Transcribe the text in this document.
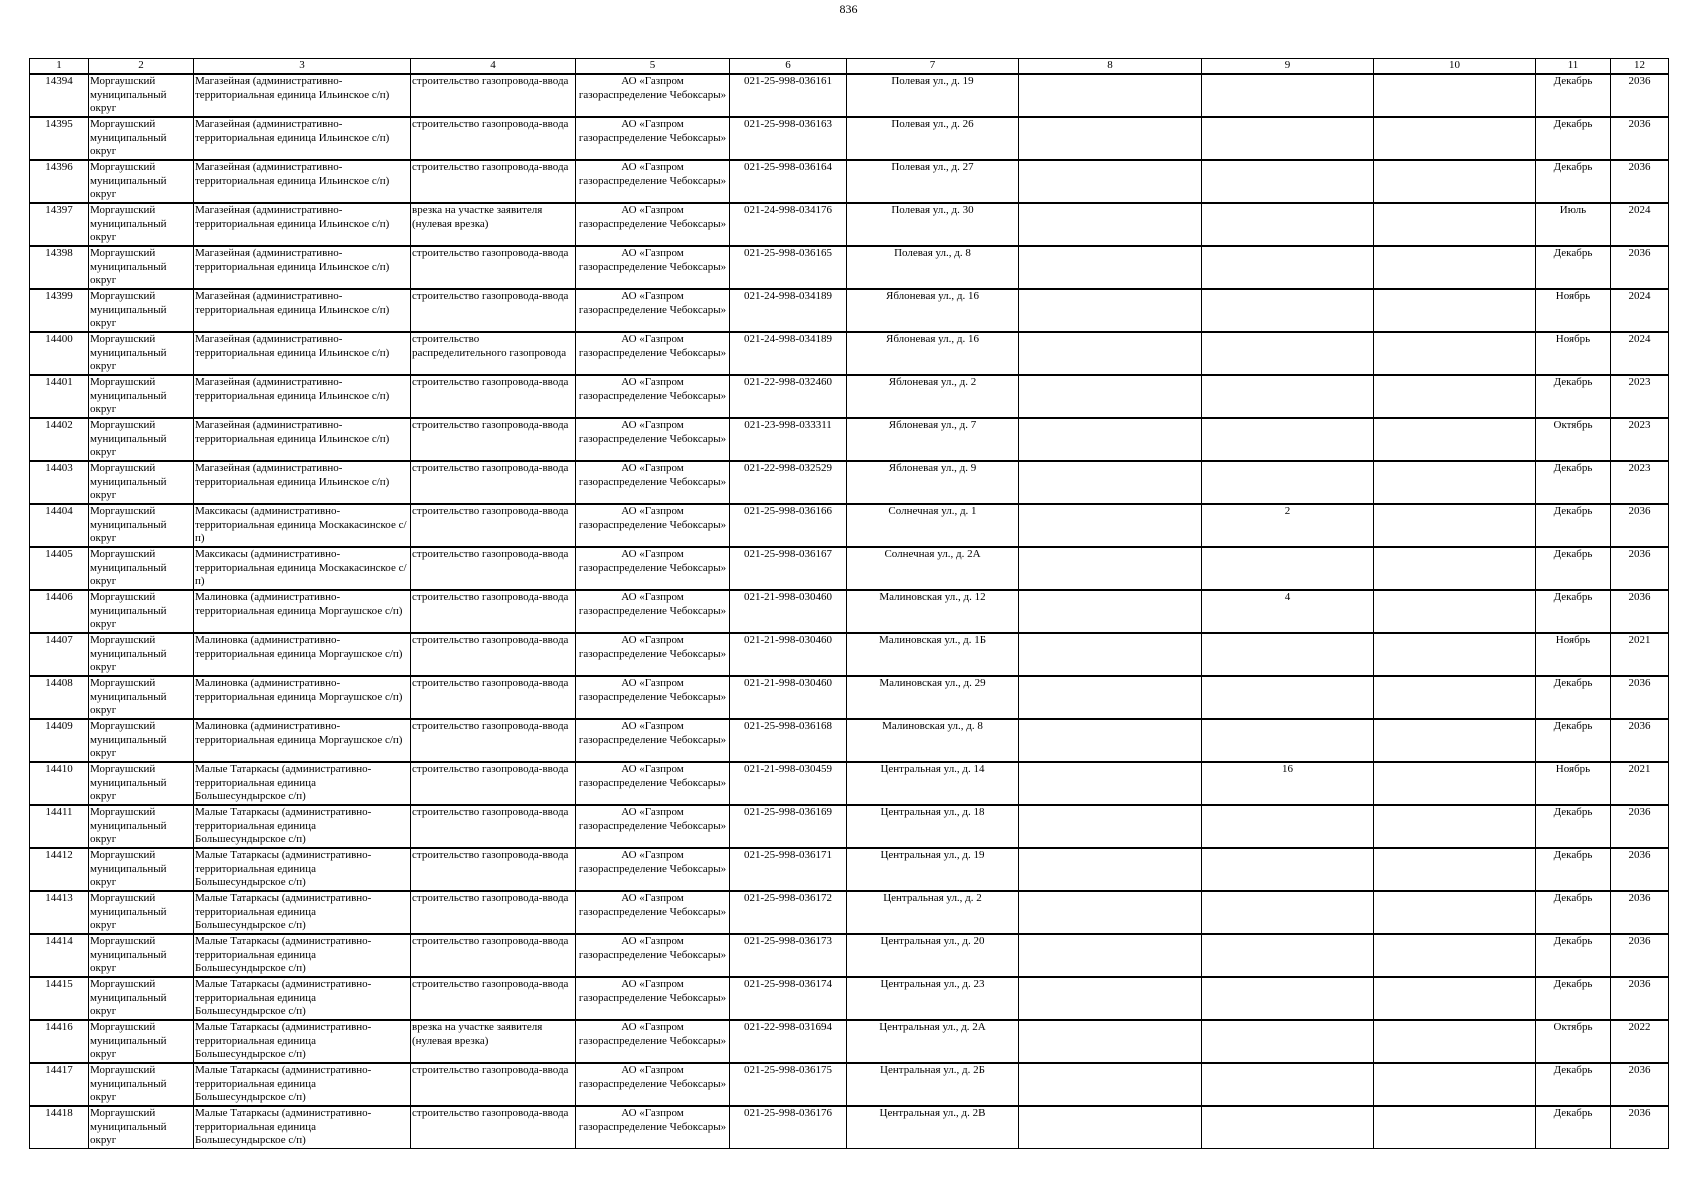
836
1	2	3	4	5	6	7	8	9	10	11	12

14394	Моргаушский муниципальный округ	Магазейная (административно-территориальная единица Ильинское с/п)	строительство газопровода-ввода	АО «Газпром газораспределение Чебоксары»	021-25-998-036161	Полевая ул., д. 19				Декабрь	2036

14395	Моргаушский муниципальный округ	Магазейная (административно-территориальная единица Ильинское с/п)	строительство газопровода-ввода	АО «Газпром газораспределение Чебоксары»	021-25-998-036163	Полевая ул., д. 26				Декабрь	2036

14396	Моргаушский муниципальный округ	Магазейная (административно-территориальная единица Ильинское с/п)	строительство газопровода-ввода	АО «Газпром газораспределение Чебоксары»	021-25-998-036164	Полевая ул., д. 27				Декабрь	2036

14397	Моргаушский муниципальный округ	Магазейная (административно-территориальная единица Ильинское с/п)	врезка на участке заявителя (нулевая врезка)	АО «Газпром газораспределение Чебоксары»	021-24-998-034176	Полевая ул., д. 30				Июль	2024

14398	Моргаушский муниципальный округ	Магазейная (административно-территориальная единица Ильинское с/п)	строительство газопровода-ввода	АО «Газпром газораспределение Чебоксары»	021-25-998-036165	Полевая ул., д. 8				Декабрь	2036

14399	Моргаушский муниципальный округ	Магазейная (административно-территориальная единица Ильинское с/п)	строительство газопровода-ввода	АО «Газпром газораспределение Чебоксары»	021-24-998-034189	Яблоневая ул., д. 16				Ноябрь	2024

14400	Моргаушский муниципальный округ	Магазейная (административно-территориальная единица Ильинское с/п)	строительство распределительного газопровода	АО «Газпром газораспределение Чебоксары»	021-24-998-034189	Яблоневая ул., д. 16				Ноябрь	2024

14401	Моргаушский муниципальный округ	Магазейная (административно-территориальная единица Ильинское с/п)	строительство газопровода-ввода	АО «Газпром газораспределение Чебоксары»	021-22-998-032460	Яблоневая ул., д. 2				Декабрь	2023

14402	Моргаушский муниципальный округ	Магазейная (административно-территориальная единица Ильинское с/п)	строительство газопровода-ввода	АО «Газпром газораспределение Чебоксары»	021-23-998-033311	Яблоневая ул., д. 7				Октябрь	2023

14403	Моргаушский муниципальный округ	Магазейная (административно-территориальная единица Ильинское с/п)	строительство газопровода-ввода	АО «Газпром газораспределение Чебоксары»	021-22-998-032529	Яблоневая ул., д. 9				Декабрь	2023

14404	Моргаушский муниципальный округ	Максикасы (административно-территориальная единица Москакасинское с/п)	строительство газопровода-ввода	АО «Газпром газораспределение Чебоксары»	021-25-998-036166	Солнечная ул., д. 1		2		Декабрь	2036

14405	Моргаушский муниципальный округ	Максикасы (административно-территориальная единица Москакасинское с/п)	строительство газопровода-ввода	АО «Газпром газораспределение Чебоксары»	021-25-998-036167	Солнечная ул., д. 2А				Декабрь	2036

14406	Моргаушский муниципальный округ	Малиновка (административно-территориальная единица Моргаушское с/п)	строительство газопровода-ввода	АО «Газпром газораспределение Чебоксары»	021-21-998-030460	Малиновская ул., д. 12		4		Декабрь	2036

14407	Моргаушский муниципальный округ	Малиновка (административно-территориальная единица Моргаушское с/п)	строительство газопровода-ввода	АО «Газпром газораспределение Чебоксары»	021-21-998-030460	Малиновская ул., д. 1Б				Ноябрь	2021

14408	Моргаушский муниципальный округ	Малиновка (административно-территориальная единица Моргаушское с/п)	строительство газопровода-ввода	АО «Газпром газораспределение Чебоксары»	021-21-998-030460	Малиновская ул., д. 29				Декабрь	2036

14409	Моргаушский муниципальный округ	Малиновка (административно-территориальная единица Моргаушское с/п)	строительство газопровода-ввода	АО «Газпром газораспределение Чебоксары»	021-25-998-036168	Малиновская ул., д. 8				Декабрь	2036

14410	Моргаушский муниципальный округ	Малые Татаркасы (административно-территориальная единица Большесундырское с/п)	строительство газопровода-ввода	АО «Газпром газораспределение Чебоксары»	021-21-998-030459	Центральная ул., д. 14		16		Ноябрь	2021

14411	Моргаушский муниципальный округ	Малые Татаркасы (административно-территориальная единица Большесундырское с/п)	строительство газопровода-ввода	АО «Газпром газораспределение Чебоксары»	021-25-998-036169	Центральная ул., д. 18				Декабрь	2036

14412	Моргаушский муниципальный округ	Малые Татаркасы (административно-территориальная единица Большесундырское с/п)	строительство газопровода-ввода	АО «Газпром газораспределение Чебоксары»	021-25-998-036171	Центральная ул., д. 19				Декабрь	2036

14413	Моргаушский муниципальный округ	Малые Татаркасы (административно-территориальная единица Большесундырское с/п)	строительство газопровода-ввода	АО «Газпром газораспределение Чебоксары»	021-25-998-036172	Центральная ул., д. 2				Декабрь	2036

14414	Моргаушский муниципальный округ	Малые Татаркасы (административно-территориальная единица Большесундырское с/п)	строительство газопровода-ввода	АО «Газпром газораспределение Чебоксары»	021-25-998-036173	Центральная ул., д. 20				Декабрь	2036

14415	Моргаушский муниципальный округ	Малые Татаркасы (административно-территориальная единица Большесундырское с/п)	строительство газопровода-ввода	АО «Газпром газораспределение Чебоксары»	021-25-998-036174	Центральная ул., д. 23				Декабрь	2036

14416	Моргаушский муниципальный округ	Малые Татаркасы (административно-территориальная единица Большесундырское с/п)	врезка на участке заявителя (нулевая врезка)	АО «Газпром газораспределение Чебоксары»	021-22-998-031694	Центральная ул., д. 2А				Октябрь	2022

14417	Моргаушский муниципальный округ	Малые Татаркасы (административно-территориальная единица Большесундырское с/п)	строительство газопровода-ввода	АО «Газпром газораспределение Чебоксары»	021-25-998-036175	Центральная ул., д. 2Б				Декабрь	2036

14418	Моргаушский муниципальный округ	Малые Татаркасы (административно-территориальная единица Большесундырское с/п)	строительство газопровода-ввода	АО «Газпром газораспределение Чебоксары»	021-25-998-036176	Центральная ул., д. 2В				Декабрь	2036
